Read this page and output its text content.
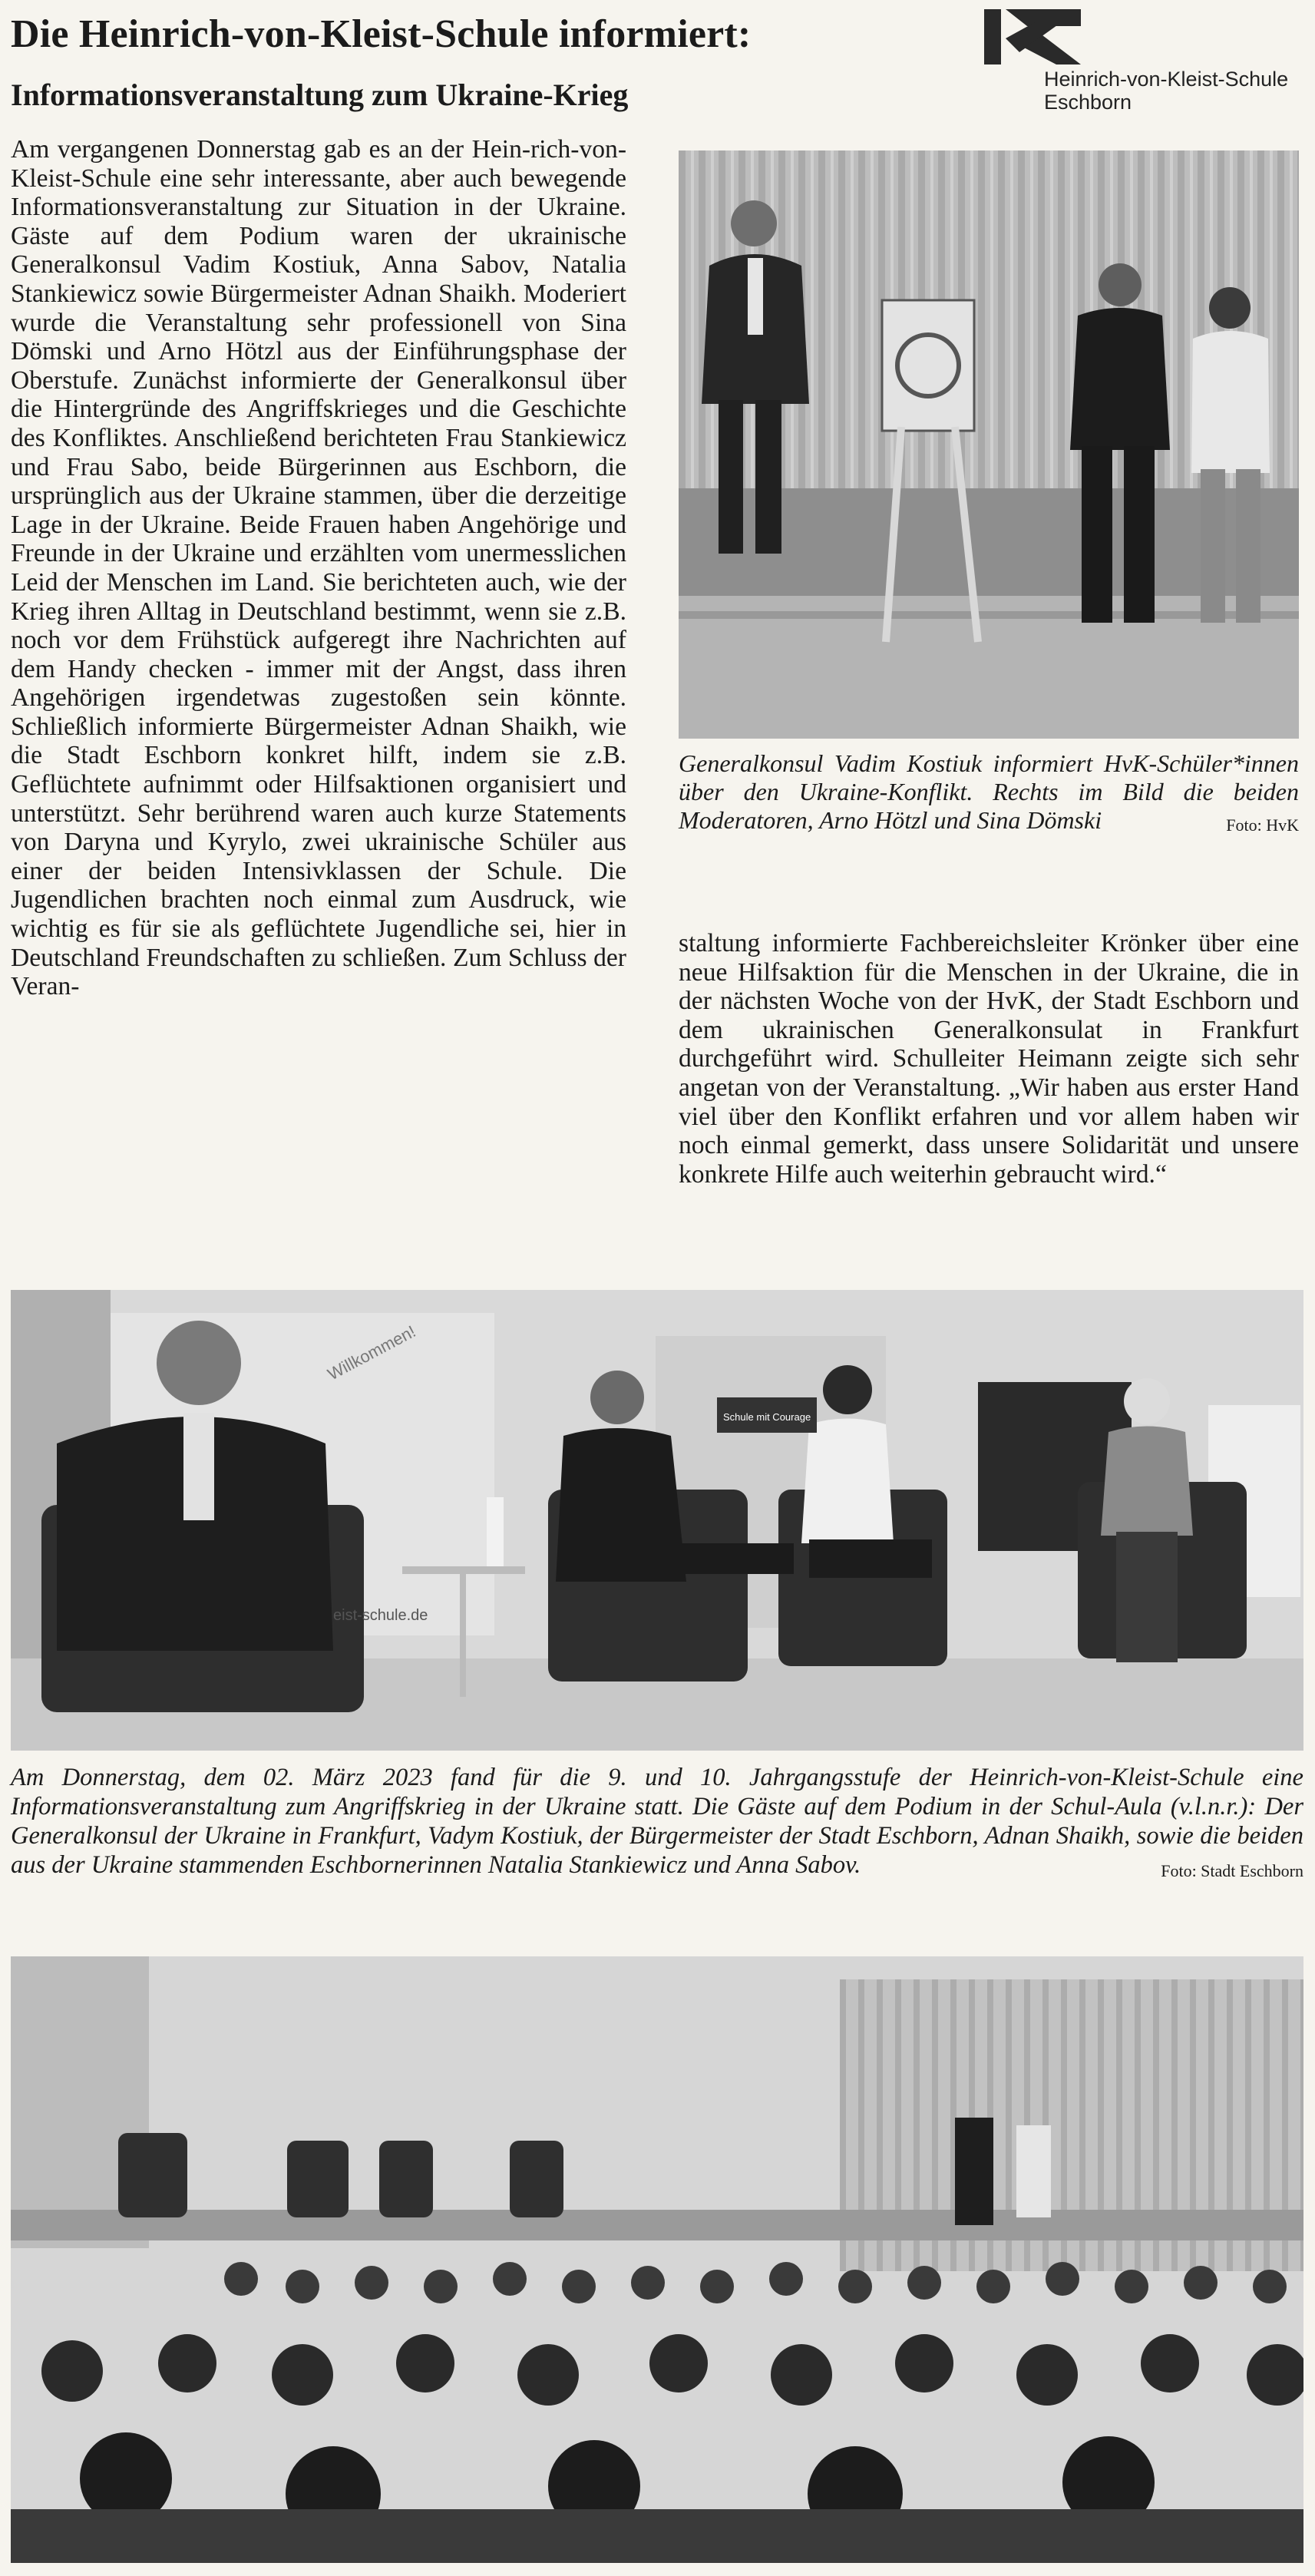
Die Heinrich-von-Kleist-Schule informiert:
Informationsveranstaltung zum Ukraine-Krieg	Heinrich-von-Kleist-Schule
Eschborn

Am vergangenen Donnerstag gab es an der Hein-rich-von-Kleist-Schule eine sehr interessante, aber auch bewegende Informationsveranstaltung zur Situation in der Ukraine. Gäste auf dem Podium waren der ukrainische Generalkonsul Vadim Kostiuk, Anna Sabov, Natalia Stankiewicz sowie Bürgermeister Adnan Shaikh. Moderiert wurde die Veranstaltung sehr professionell von Sina Dömski und Arno Hötzl aus der Einführungsphase der Oberstufe. Zunächst informierte der Generalkonsul über die Hintergründe des Angriffskrieges und die Geschichte des Konfliktes. Anschließend berichteten Frau Stankiewicz und Frau Sabo, beide Bürgerinnen aus Eschborn, die ursprünglich aus der Ukraine stammen, über die derzeitige Lage in der Ukraine. Beide Frauen haben Angehörige und Freunde in der Ukraine und erzählten vom unermesslichen Leid der Menschen im Land. Sie berichteten auch, wie der Krieg ihren Alltag in Deutschland bestimmt, wenn sie z.B. noch vor dem Frühstück aufgeregt ihre Nachrichten auf dem Handy checken - immer mit der Angst, dass ihren Angehörigen irgendetwas zugestoßen sein könnte. Schließlich informierte Bürgermeister Adnan Shaikh, wie die Stadt Eschborn konkret hilft, indem sie z.B. Geflüchtete aufnimmt oder Hilfsaktionen organisiert und unterstützt. Sehr berührend waren auch kurze Statements von Daryna und Kyrylo, zwei ukrainische Schüler aus einer der beiden Intensivklassen der Schule. Die Jugendlichen brachten noch einmal zum Ausdruck, wie wichtig es für sie als geflüchtete Jugendliche sei, hier in Deutschland Freundschaften zu schließen. Zum Schluss der Veran-

Generalkonsul Vadim Kostiuk informiert HvK-Schüler*innen über den Ukraine-Konflikt. Rechts im Bild die beiden Moderatoren, Arno Hötzl und Sina Dömski	Foto: HvK

staltung informierte Fachbereichsleiter Krönker über eine neue Hilfsaktion für die Menschen in der Ukraine, die in der nächsten Woche von der HvK, der Stadt Eschborn und dem ukrainischen Generalkonsulat in Frankfurt durchgeführt wird. Schulleiter Heimann zeigte sich sehr angetan von der Veranstaltung. „Wir haben aus erster Hand viel über den Konflikt erfahren und vor allem haben wir noch einmal gemerkt, dass unsere Solidarität und unsere konkrete Hilfe auch weiterhin gebraucht wird.“

Willkommen!
eist-schule.de
Schule mit Courage
Am Donnerstag, dem 02. März 2023 fand für die 9. und 10. Jahrgangsstufe der Heinrich-von-Kleist-Schule eine Informationsveranstaltung zum Angriffskrieg in der Ukraine statt. Die Gäste auf dem Podium in der Schul-Aula (v.l.n.r.): Der Generalkonsul der Ukraine in Frankfurt, Vadym Kostiuk, der Bürgermeister der Stadt Eschborn, Adnan Shaikh, sowie die beiden aus der Ukraine stammenden Eschbornerinnen Natalia Stankiewicz und Anna Sabov.	Foto: Stadt Eschborn
